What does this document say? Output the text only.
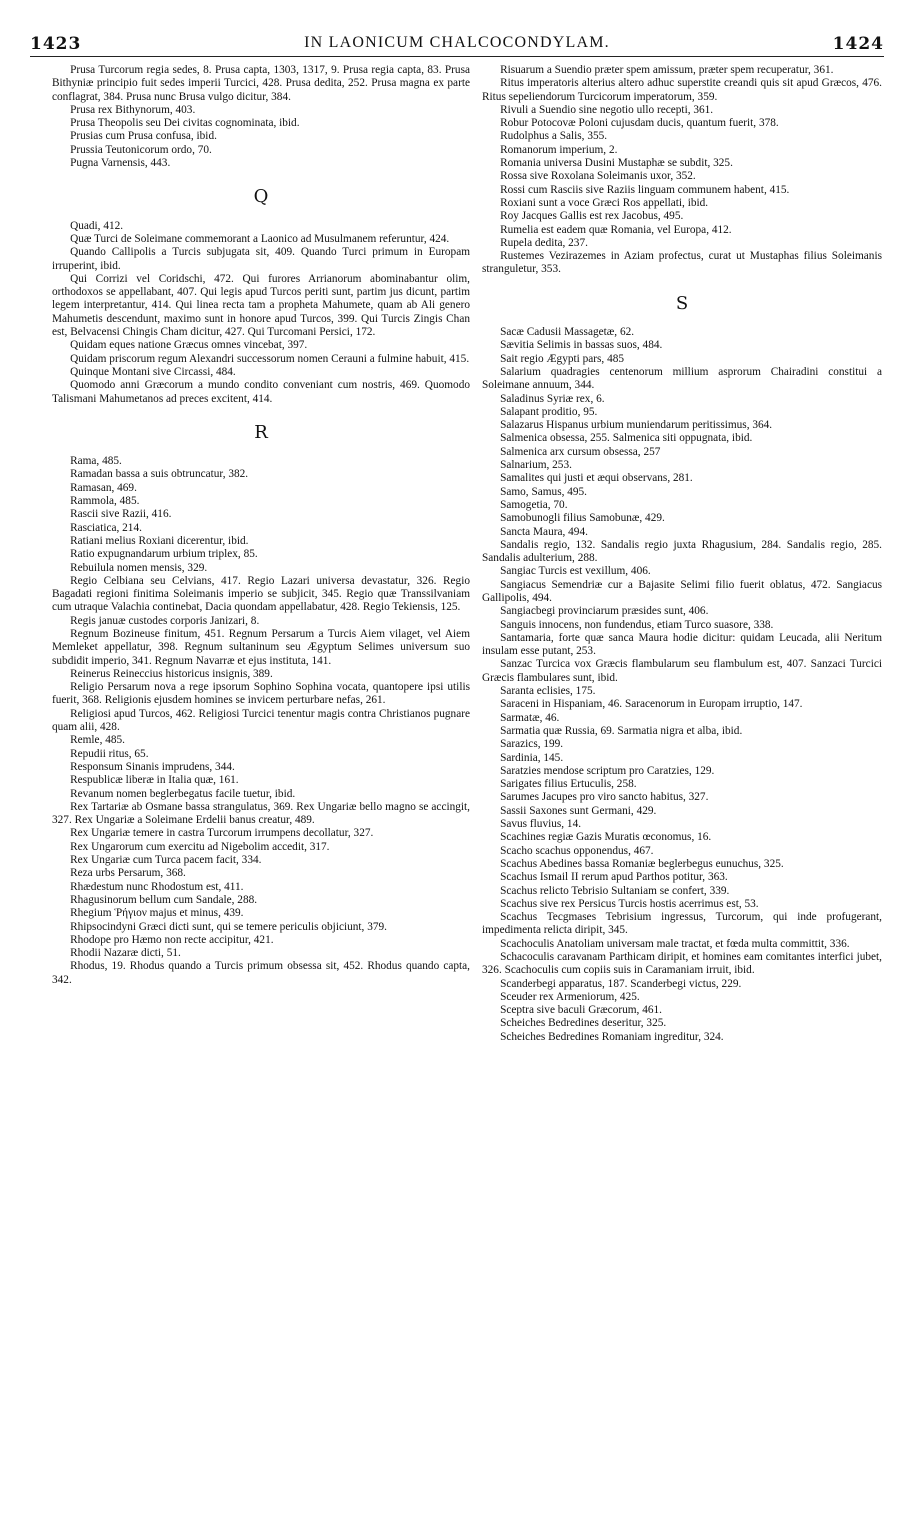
1423	IN LAONICUM CHALCOCONDYLAM.	1424

Prusa Turcorum regia sedes, 8. Prusa capta, 1303, 1317, 9. Prusa regia capta, 83. Prusa Bithyniæ principio fuit sedes imperii Turcici, 428. Prusa dedita, 252. Prusa magna ex parte conflagrat, 384. Prusa nunc Brusa vulgo dicitur, 384.

Prusa rex Bithynorum, 403.

Prusa Theopolis seu Dei civitas cognominata, ibid.

Prusias cum Prusa confusa, ibid.

Prussia Teutonicorum ordo, 70.

Pugna Varnensis, 443.

Q

Quadi, 412.

Quæ Turci de Soleimane commemorant a Laonico ad Musulmanem referuntur, 424.

Quando Callipolis a Turcis subjugata sit, 409. Quando Turci primum in Europam irruperint, ibid.

Qui Corrizi vel Coridschi, 472. Qui furores Arrianorum abominabantur olim, orthodoxos se appellabant, 407. Qui legis apud Turcos periti sunt, partim jus dicunt, partim legem interpretantur, 414. Qui linea recta tam a propheta Mahumete, quam ab Ali genero Mahumetis descendunt, maximo sunt in honore apud Turcos, 399. Qui Turcis Zingis Chan est, Belvacensi Chingis Cham dicitur, 427. Qui Turcomani Persici, 172.

Quidam eques natione Græcus omnes vincebat, 397.

Quidam priscorum regum Alexandri successorum nomen Cerauni a fulmine habuit, 415.

Quinque Montani sive Circassi, 484.

Quomodo anni Græcorum a mundo condito conveniant cum nostris, 469. Quomodo Talismani Mahumetanos ad preces excitent, 414.

R

Rama, 485.

Ramadan bassa a suis obtruncatur, 382.

Ramasan, 469.

Rammola, 485.

Rascii sive Razii, 416.

Rasciatica, 214.

Ratiani melius Roxiani dicerentur, ibid.

Ratio expugnandarum urbium triplex, 85.

Rebuilula nomen mensis, 329.

Regio Celbiana seu Celvians, 417. Regio Lazari universa devastatur, 326. Regio Bagadati regioni finitima Soleimanis imperio se subjicit, 345. Regio quæ Transsilvaniam cum utraque Valachia continebat, Dacia quondam appellabatur, 428. Regio Tekiensis, 125.

Regis januæ custodes corporis Janizari, 8.

Regnum Bozineuse finitum, 451. Regnum Persarum a Turcis Aiem vilaget, vel Aiem Memleket appellatur, 398. Regnum sultaninum seu Ægyptum Selimes universum suo subdidit imperio, 341. Regnum Navarræ et ejus instituta, 141.

Reinerus Reineccius historicus insignis, 389.

Religio Persarum nova a rege ipsorum Sophino Sophina vocata, quantopere ipsi utilis fuerit, 368. Religionis ejusdem homines se invicem perturbare nefas, 261.

Religiosi apud Turcos, 462. Religiosi Turcici tenentur magis contra Christianos pugnare quam alii, 428.

Remle, 485.

Repudii ritus, 65.

Responsum Sinanis imprudens, 344.

Respublicæ liberæ in Italia quæ, 161.

Revanum nomen beglerbegatus facile tuetur, ibid.

Rex Tartariæ ab Osmane bassa strangulatus, 369. Rex Ungariæ bello magno se accingit, 327. Rex Ungariæ a Soleimane Erdelii banus creatur, 489.

Rex Ungariæ temere in castra Turcorum irrumpens decollatur, 327.

Rex Ungarorum cum exercitu ad Nigebolim accedit, 317.

Rex Ungariæ cum Turca pacem facit, 334.

Reza urbs Persarum, 368.

Rhædestum nunc Rhodostum est, 411.

Rhagusinorum bellum cum Sandale, 288.

Rhegium Ῥήγιον majus et minus, 439.

Rhipsocindyni Græci dicti sunt, qui se temere periculis objiciunt, 379.

Rhodope pro Hæmo non recte accipitur, 421.

Rhodii Nazaræ dicti, 51.

Rhodus, 19. Rhodus quando a Turcis primum obsessa sit, 452. Rhodus quando capta, 342.

Risuarum a Suendio præter spem amissum, præter spem recuperatur, 361.

Ritus imperatoris alterius altero adhuc superstite creandi quis sit apud Græcos, 476. Ritus sepeliendorum Turcicorum imperatorum, 359.

Rivuli a Suendio sine negotio ullo recepti, 361.

Robur Potocovæ Poloni cujusdam ducis, quantum fuerit, 378.

Rudolphus a Salis, 355.

Romanorum imperium, 2.

Romania universa Dusini Mustaphæ se subdit, 325.

Rossa sive Roxolana Soleimanis uxor, 352.

Rossi cum Rasciis sive Raziis linguam communem habent, 415.

Roxiani sunt a voce Græci Ros appellati, ibid.

Roy Jacques Gallis est rex Jacobus, 495.

Rumelia est eadem quæ Romania, vel Europa, 412.

Rupela dedita, 237.

Rustemes Vezirazemes in Aziam profectus, curat ut Mustaphas filius Soleimanis stranguletur, 353.

S

Sacæ Cadusii Massagetæ, 62.

Sævitia Selimis in bassas suos, 484.

Sait regio Ægypti pars, 485

Salarium quadragies centenorum millium asprorum Chairadini constitui a Soleimane annuum, 344.

Saladinus Syriæ rex, 6.

Salapant proditio, 95.

Salazarus Hispanus urbium muniendarum peritissimus, 364.

Salmenica obsessa, 255. Salmenica siti oppugnata, ibid.

Salmenica arx cursum obsessa, 257

Salnarium, 253.

Samalites qui justi et æqui observans, 281.

Samo, Samus, 495.

Samogetia, 70.

Samobunogli filius Samobunæ, 429.

Sancta Maura, 494.

Sandalis regio, 132. Sandalis regio juxta Rhagusium, 284. Sandalis regio, 285. Sandalis adulterium, 288.

Sangiac Turcis est vexillum, 406.

Sangiacus Semendriæ cur a Bajasite Selimi filio fuerit oblatus, 472. Sangiacus Gallipolis, 494.

Sangiacbegi provinciarum præsides sunt, 406.

Sanguis innocens, non fundendus, etiam Turco suasore, 338.

Santamaria, forte quæ sanca Maura hodie dicitur: quidam Leucada, alii Neritum insulam esse putant, 253.

Sanzac Turcica vox Græcis flambularum seu flambulum est, 407. Sanzaci Turcici Græcis flambulares sunt, ibid.

Saranta eclisies, 175.

Saraceni in Hispaniam, 46. Saracenorum in Europam irruptio, 147.

Sarmatæ, 46.

Sarmatia quæ Russia, 69. Sarmatia nigra et alba, ibid.

Sarazics, 199.

Sardinia, 145.

Saratzies mendose scriptum pro Caratzies, 129.

Sarigates filius Ertuculis, 258.

Sarumes Jacupes pro viro sancto habitus, 327.

Sassii Saxones sunt Germani, 429.

Savus fluvius, 14.

Scachines regiæ Gazis Muratis œconomus, 16.

Scacho scachus opponendus, 467.

Scachus Abedines bassa Romaniæ beglerbegus eunuchus, 325.

Scachus Ismail II rerum apud Parthos potitur, 363.

Scachus relicto Tebrisio Sultaniam se confert, 339.

Scachus sive rex Persicus Turcis hostis acerrimus est, 53.

Scachus Tecgmases Tebrisium ingressus, Turcorum, qui inde profugerant, impedimenta relicta diripit, 345.

Scachoculis Anatoliam universam male tractat, et fœda multa committit, 336.

Schacoculis caravanam Parthicam diripit, et homines eam comitantes interfici jubet, 326. Scachoculis cum copiis suis in Caramaniam irruit, ibid.

Scanderbegi apparatus, 187. Scanderbegi victus, 229.

Sceuder rex Armeniorum, 425.

Sceptra sive baculi Græcorum, 461.

Scheiches Bedredines deseritur, 325.

Scheiches Bedredines Romaniam ingreditur, 324.
